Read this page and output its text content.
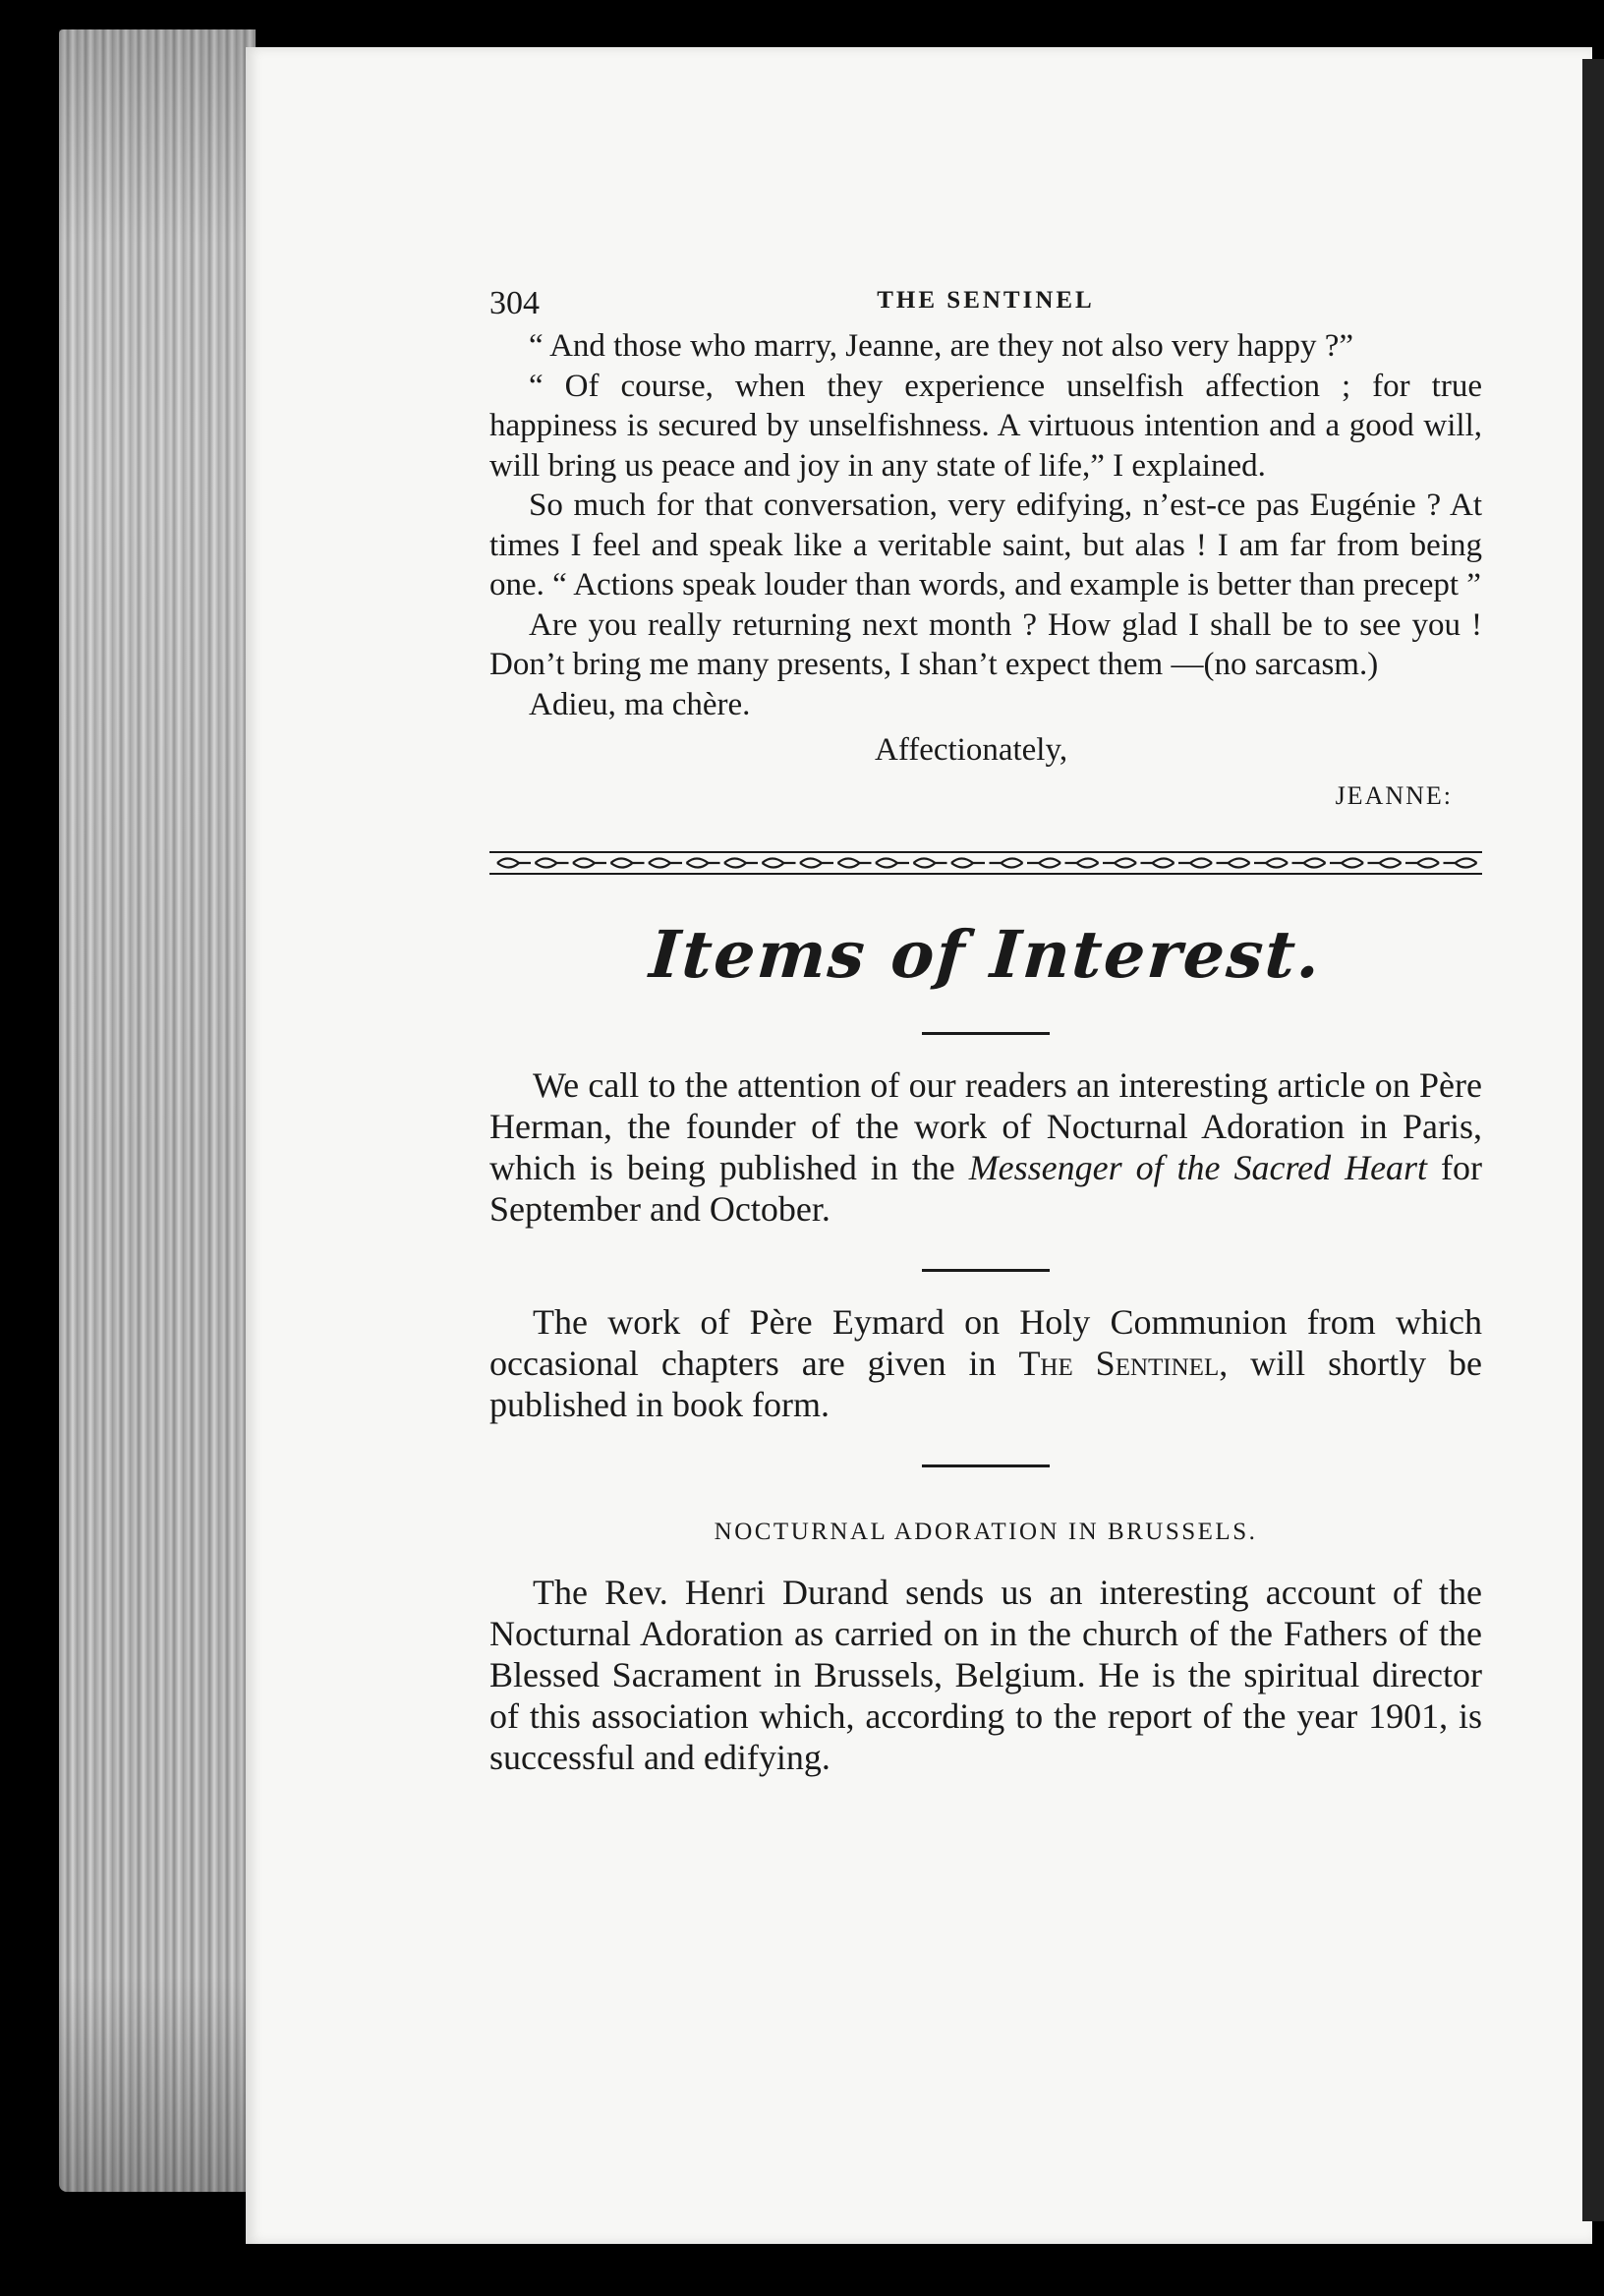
304	THE SENTINEL

“ And those who marry, Jeanne, are they not also very happy ?”

“ Of course, when they experience unselfish affection ; for true happiness is secured by unselfishness. A virtuous intention and a good will, will bring us peace and joy in any state of life,” I explained.

So much for that conversation, very edifying, n’est-ce pas Eugénie ? At times I feel and speak like a veritable saint, but alas ! I am far from being one. “ Actions speak louder than words, and example is better than precept ”

Are you really returning next month ? How glad I shall be to see you ! Don’t bring me many presents, I shan’t expect them —(no sarcasm.)

Adieu, ma chère.

Affectionately,
JEANNE:
Items of Interest.

We call to the attention of our readers an interesting article on Père Herman, the founder of the work of Nocturnal Adoration in Paris, which is being published in the Messenger of the Sacred Heart for September and October.

The work of Père Eymard on Holy Communion from which occasional chapters are given in The Sentinel, will shortly be published in book form.

NOCTURNAL ADORATION IN BRUSSELS.

The Rev. Henri Durand sends us an interesting account of the Nocturnal Adoration as carried on in the church of the Fathers of the Blessed Sacrament in Brussels, Belgium. He is the spiritual director of this association which, according to the report of the year 1901, is successful and edifying.
